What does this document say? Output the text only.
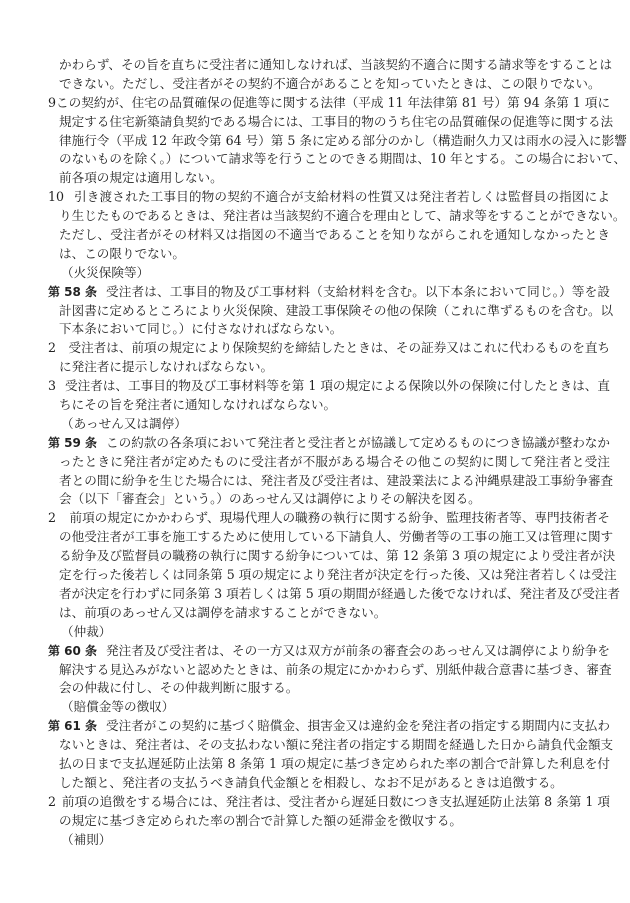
かわらず、その旨を直ちに受注者に通知しなければ、当該契約不適合に関する請求等をすることは
できない。ただし、受注者がその契約不適合があることを知っていたときは、この限りでない。
9 この契約が、住宅の品質確保の促進等に関する法律（平成 11 年法律第 81 号）第 94 条第 1 項に
規定する住宅新築請負契約である場合には、工事目的物のうち住宅の品質確保の促進等に関する法
律施行令（平成 12 年政令第 64 号）第 5 条に定める部分のかし（構造耐久力又は雨水の浸入に影響
のないものを除く。）について請求等を行うことのできる期間は、10 年とする。この場合において、
前各項の規定は適用しない。
10 引き渡された工事目的物の契約不適合が支給材料の性質又は発注者若しくは監督員の指図によ
り生じたものであるときは、発注者は当該契約不適合を理由として、請求等をすることができない。
ただし、受注者がその材料又は指図の不適当であることを知りながらこれを通知しなかったとき
は、この限りでない。
（火災保険等）
第 58 条 受注者は、工事目的物及び工事材料（支給材料を含む。以下本条において同じ。）等を設
計図書に定めるところにより火災保険、建設工事保険その他の保険（これに準ずるものを含む。以
下本条において同じ。）に付さなければならない。
2 受注者は、前項の規定により保険契約を締結したときは、その証券又はこれに代わるものを直ち
に発注者に提示しなければならない。
3 受注者は、工事目的物及び工事材料等を第 1 項の規定による保険以外の保険に付したときは、直
ちにその旨を発注者に通知しなければならない。
（あっせん又は調停）
第 59 条 この約款の各条項において発注者と受注者とが協議して定めるものにつき協議が整わなか
ったときに発注者が定めたものに受注者が不服がある場合その他この契約に関して発注者と受注
者との間に紛争を生じた場合には、発注者及び受注者は、建設業法による沖縄県建設工事紛争審査
会（以下「審査会」という。）のあっせん又は調停によりその解決を図る。
2	前項の規定にかかわらず、現場代理人の職務の執行に関する紛争、監理技術者等、専門技術者そ
の他受注者が工事を施工するために使用している下請負人、労働者等の工事の施工又は管理に関す
る紛争及び監督員の職務の執行に関する紛争については、第 12 条第 3 項の規定により受注者が決
定を行った後若しくは同条第 5 項の規定により発注者が決定を行った後、又は発注者若しくは受注
者が決定を行わずに同条第 3 項若しくは第 5 項の期間が経過した後でなければ、発注者及び受注者
は、前項のあっせん又は調停を請求することができない。
（仲裁）
第 60 条 発注者及び受注者は、その一方又は双方が前条の審査会のあっせん又は調停により紛争を
解決する見込みがないと認めたときは、前条の規定にかかわらず、別紙仲裁合意書に基づき、審査
会の仲裁に付し、その仲裁判断に服する。
（賠償金等の徴収）
第 61 条 受注者がこの契約に基づく賠償金、損害金又は違約金を発注者の指定する期間内に支払わ
ないときは、発注者は、その支払わない額に発注者の指定する期間を経過した日から請負代金額支
払の日まで支払遅延防止法第 8 条第 1 項の規定に基づき定められた率の割合で計算した利息を付
した額と、発注者の支払うべき請負代金額とを相殺し、なお不足があるときは追徴する。
2 前項の追徴をする場合には、発注者は、受注者から遅延日数につき支払遅延防止法第 8 条第 1 項
の規定に基づき定められた率の割合で計算した額の延滞金を徴収する。
（補則）
